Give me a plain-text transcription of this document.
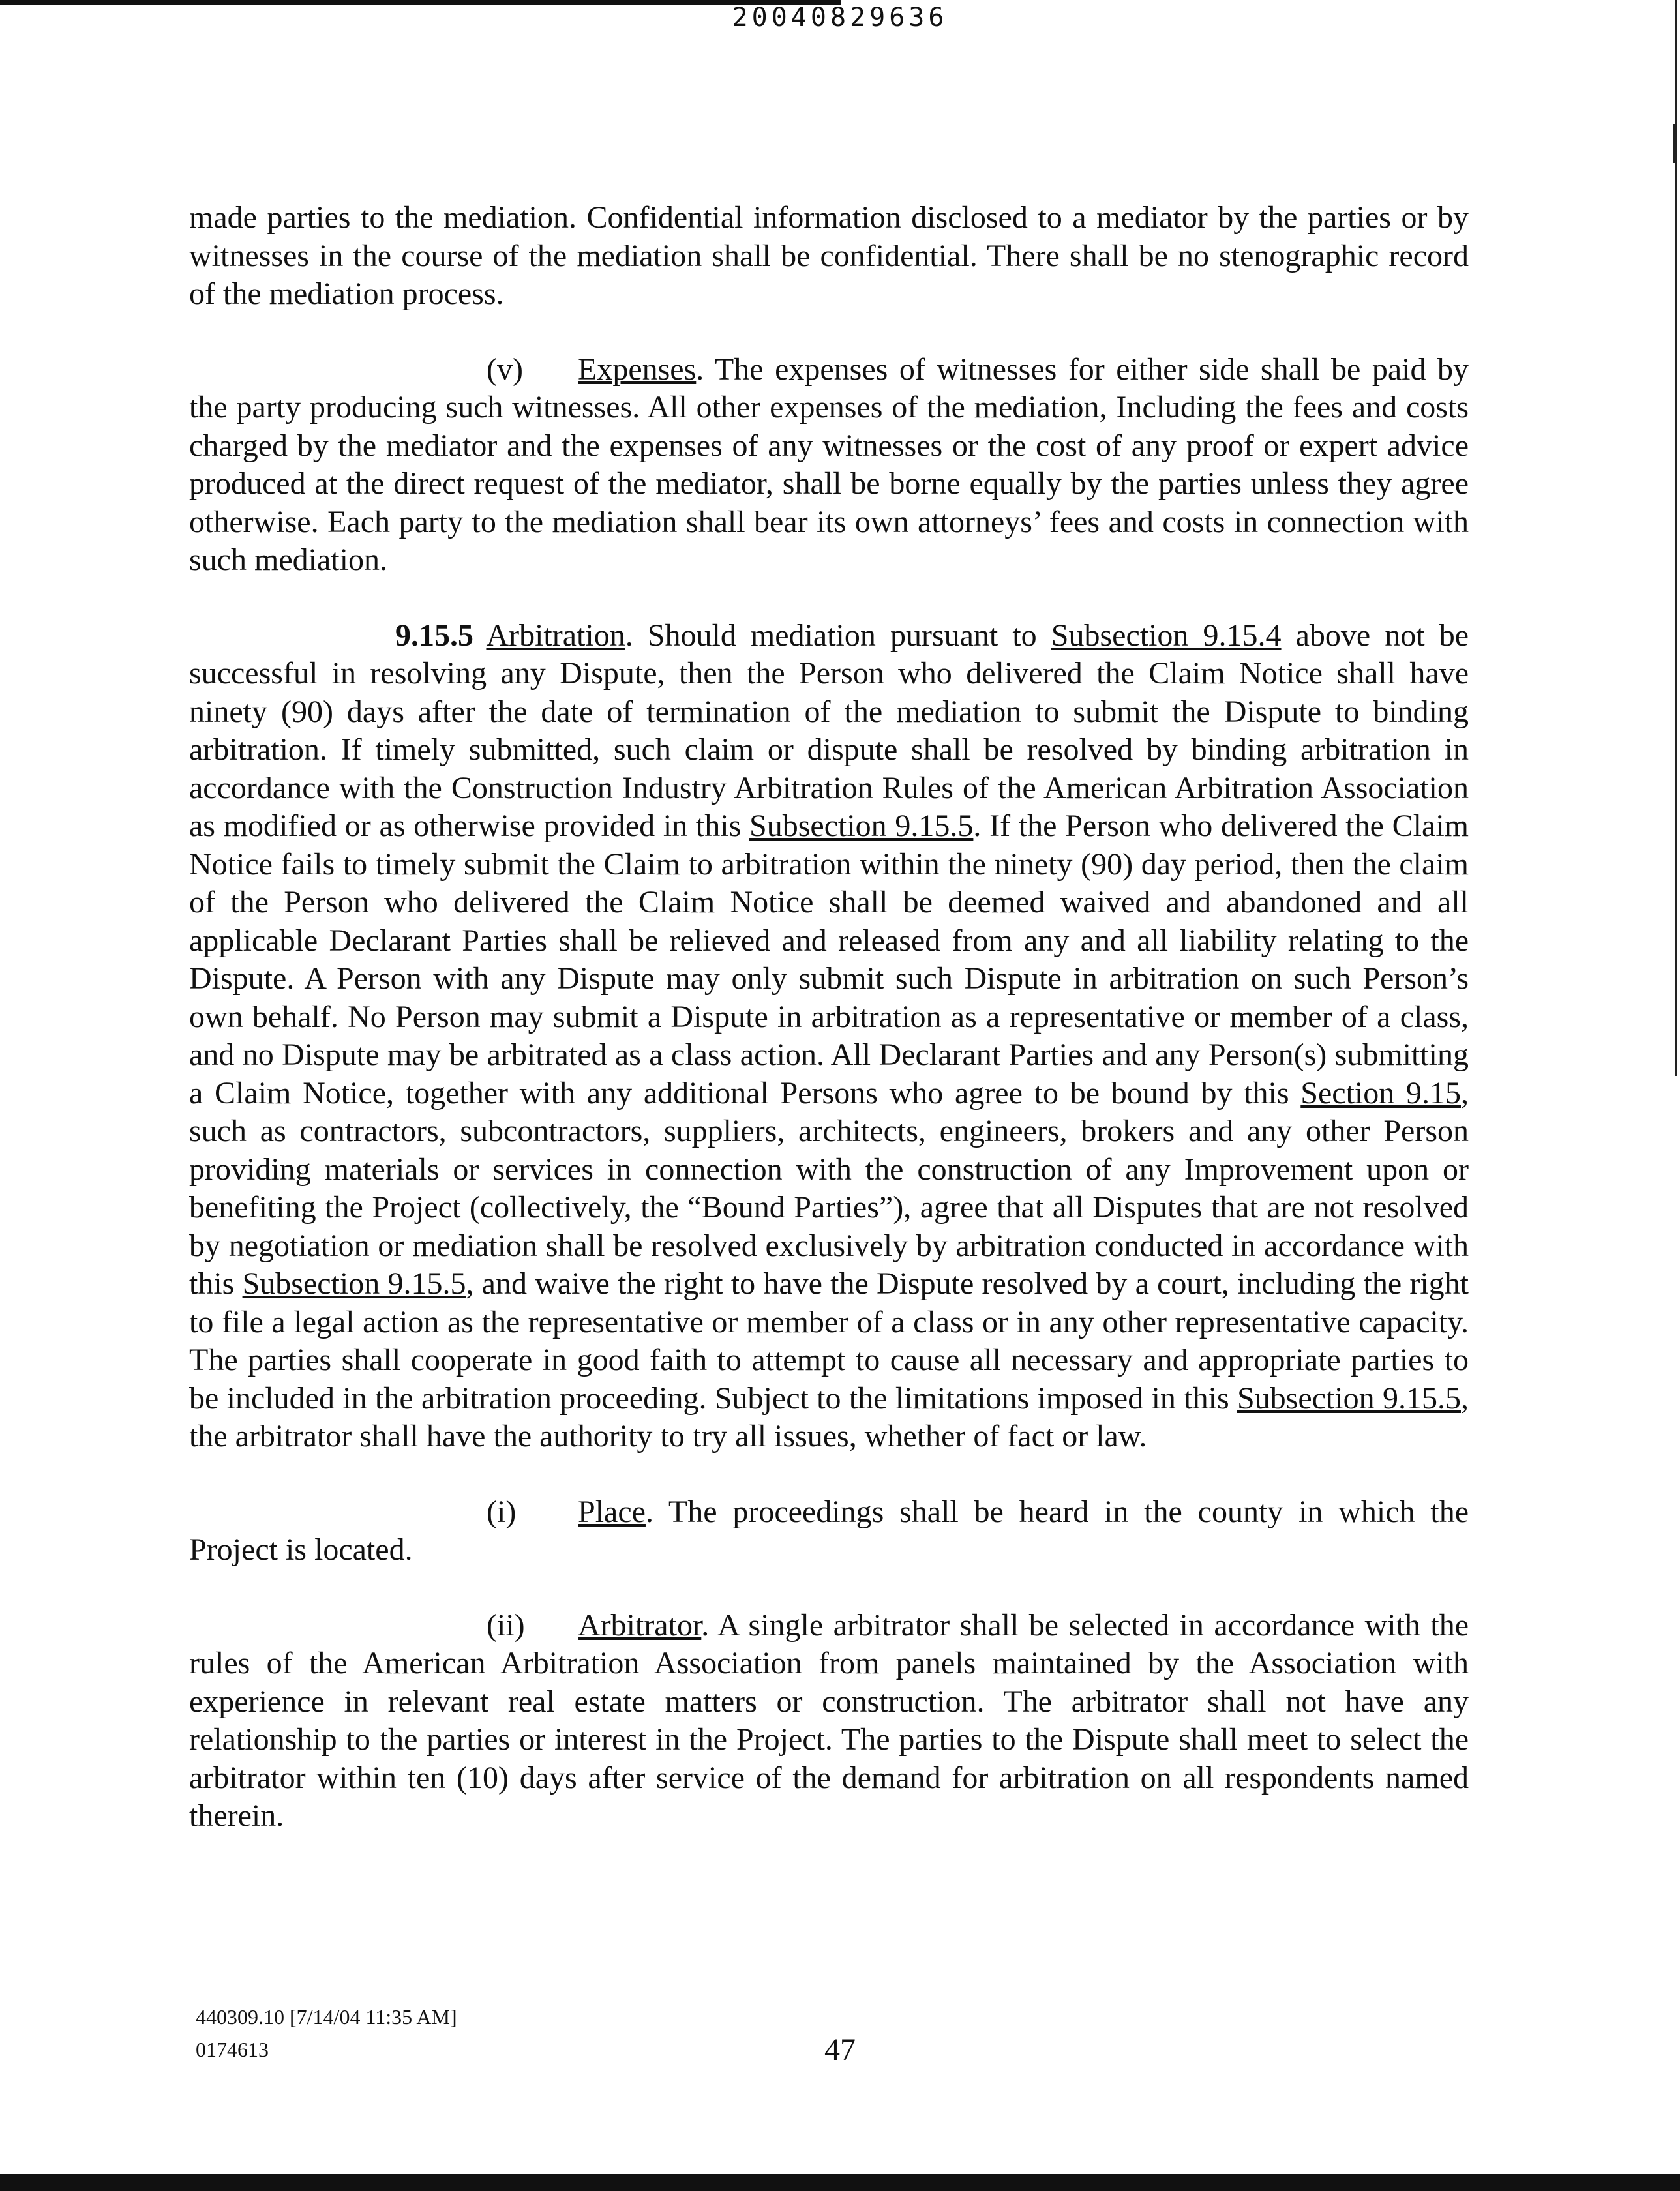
20040829636

made parties to the mediation. Confidential information disclosed to a mediator by the parties or by witnesses in the course of the mediation shall be confidential. There shall be no stenographic record of the mediation process.

(v) Expenses. The expenses of witnesses for either side shall be paid by the party producing such witnesses. All other expenses of the mediation, Including the fees and costs charged by the mediator and the expenses of any witnesses or the cost of any proof or expert advice produced at the direct request of the mediator, shall be borne equally by the parties unless they agree otherwise. Each party to the mediation shall bear its own attorneys’ fees and costs in connection with such mediation.

9.15.5 Arbitration. Should mediation pursuant to Subsection 9.15.4 above not be successful in resolving any Dispute, then the Person who delivered the Claim Notice shall have ninety (90) days after the date of termination of the mediation to submit the Dispute to binding arbitration. If timely submitted, such claim or dispute shall be resolved by binding arbitration in accordance with the Construction Industry Arbitration Rules of the American Arbitration Association as modified or as otherwise provided in this Subsection 9.15.5. If the Person who delivered the Claim Notice fails to timely submit the Claim to arbitration within the ninety (90) day period, then the claim of the Person who delivered the Claim Notice shall be deemed waived and abandoned and all applicable Declarant Parties shall be relieved and released from any and all liability relating to the Dispute. A Person with any Dispute may only submit such Dispute in arbitration on such Person’s own behalf. No Person may submit a Dispute in arbitration as a representative or member of a class, and no Dispute may be arbitrated as a class action. All Declarant Parties and any Person(s) submitting a Claim Notice, together with any additional Persons who agree to be bound by this Section 9.15, such as contractors, subcontractors, suppliers, architects, engineers, brokers and any other Person providing materials or services in connection with the construction of any Improvement upon or benefiting the Project (collectively, the “Bound Parties”), agree that all Disputes that are not resolved by negotiation or mediation shall be resolved exclusively by arbitration conducted in accordance with this Subsection 9.15.5, and waive the right to have the Dispute resolved by a court, including the right to file a legal action as the representative or member of a class or in any other representative capacity. The parties shall cooperate in good faith to attempt to cause all necessary and appropriate parties to be included in the arbitration proceeding. Subject to the limitations imposed in this Subsection 9.15.5, the arbitrator shall have the authority to try all issues, whether of fact or law.

(i) Place. The proceedings shall be heard in the county in which the Project is located.

(ii) Arbitrator. A single arbitrator shall be selected in accordance with the rules of the American Arbitration Association from panels maintained by the Association with experience in relevant real estate matters or construction. The arbitrator shall not have any relationship to the parties or interest in the Project. The parties to the Dispute shall meet to select the arbitrator within ten (10) days after service of the demand for arbitration on all respondents named therein.

440309.10 [7/14/04 11:35 AM]
0174613	47
